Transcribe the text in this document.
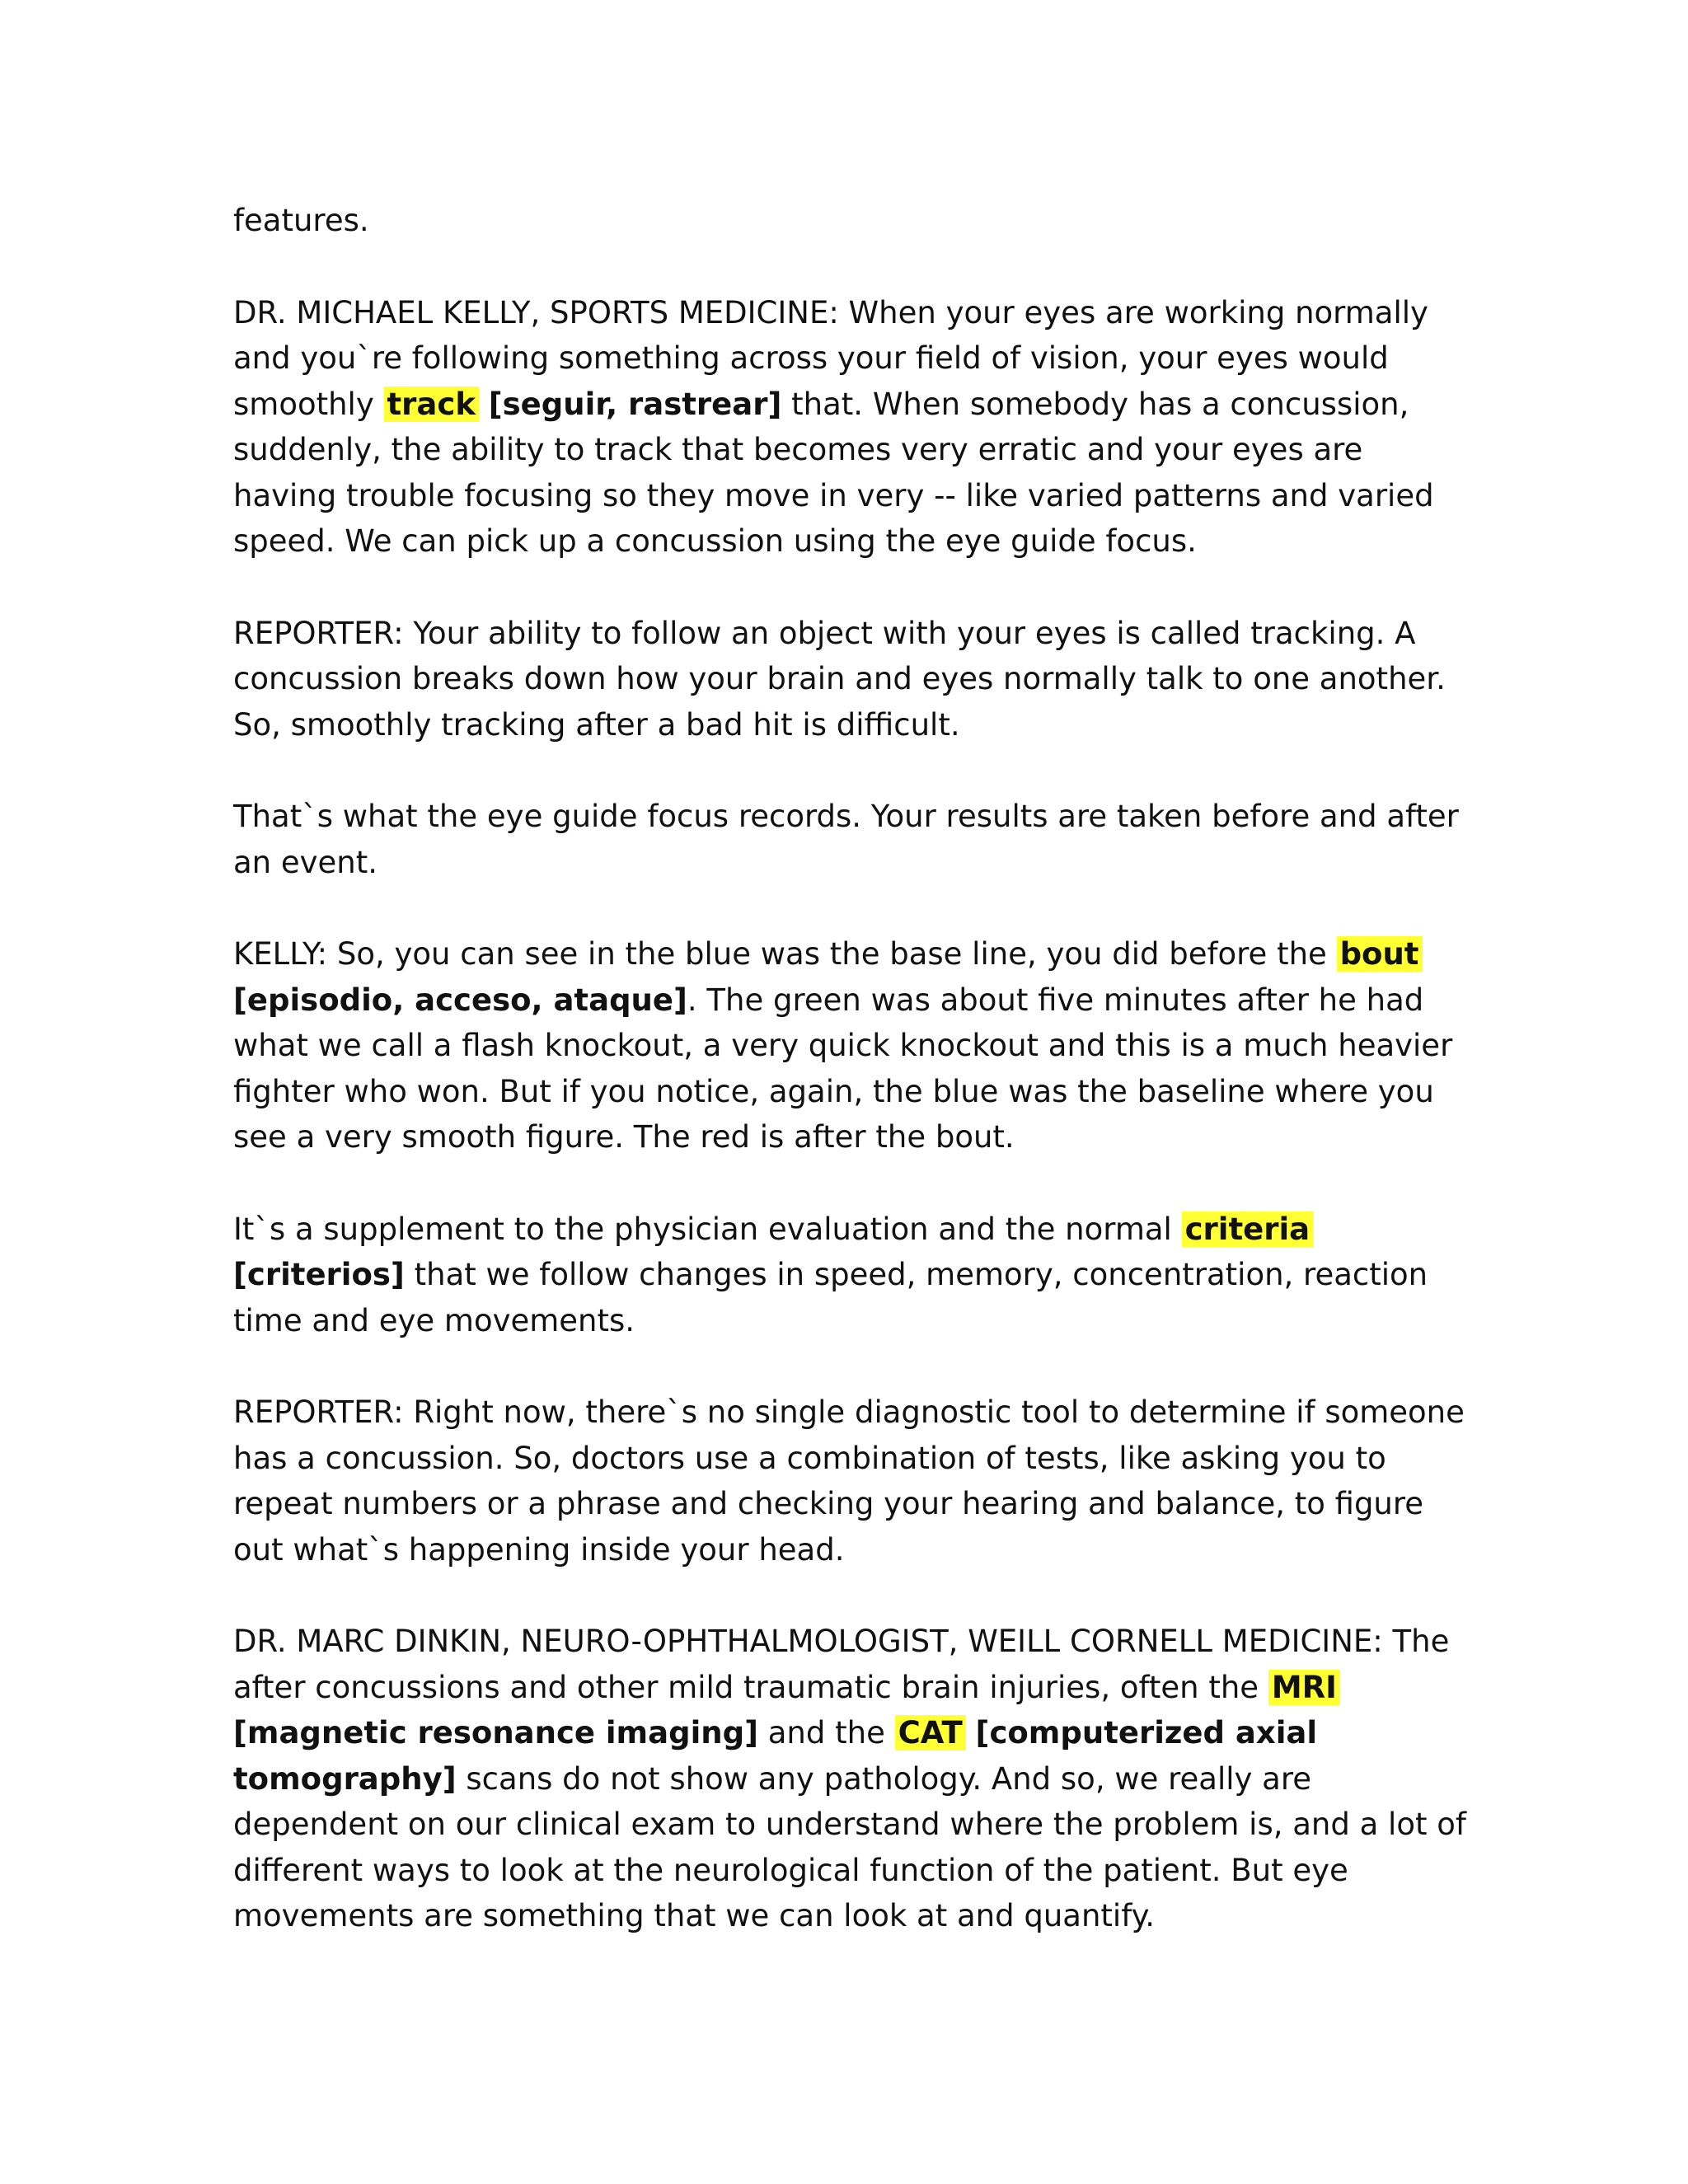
features.

DR. MICHAEL KELLY, SPORTS MEDICINE: When your eyes are working normally and you`re following something across your field of vision, your eyes would smoothly track [seguir, rastrear] that. When somebody has a concussion, suddenly, the ability to track that becomes very erratic and your eyes are having trouble focusing so they move in very -- like varied patterns and varied speed. We can pick up a concussion using the eye guide focus.

REPORTER: Your ability to follow an object with your eyes is called tracking. A concussion breaks down how your brain and eyes normally talk to one another. So, smoothly tracking after a bad hit is difficult.

That`s what the eye guide focus records. Your results are taken before and after an event.

KELLY: So, you can see in the blue was the base line, you did before the bout [episodio, acceso, ataque]. The green was about five minutes after he had what we call a flash knockout, a very quick knockout and this is a much heavier fighter who won. But if you notice, again, the blue was the baseline where you see a very smooth figure. The red is after the bout.

It`s a supplement to the physician evaluation and the normal criteria [criterios] that we follow changes in speed, memory, concentration, reaction time and eye movements.

REPORTER: Right now, there`s no single diagnostic tool to determine if someone has a concussion. So, doctors use a combination of tests, like asking you to repeat numbers or a phrase and checking your hearing and balance, to figure out what`s happening inside your head.

DR. MARC DINKIN, NEURO-OPHTHALMOLOGIST, WEILL CORNELL MEDICINE: The after concussions and other mild traumatic brain injuries, often the MRI [magnetic resonance imaging] and the CAT [computerized axial tomography] scans do not show any pathology. And so, we really are dependent on our clinical exam to understand where the problem is, and a lot of different ways to look at the neurological function of the patient. But eye movements are something that we can look at and quantify.
